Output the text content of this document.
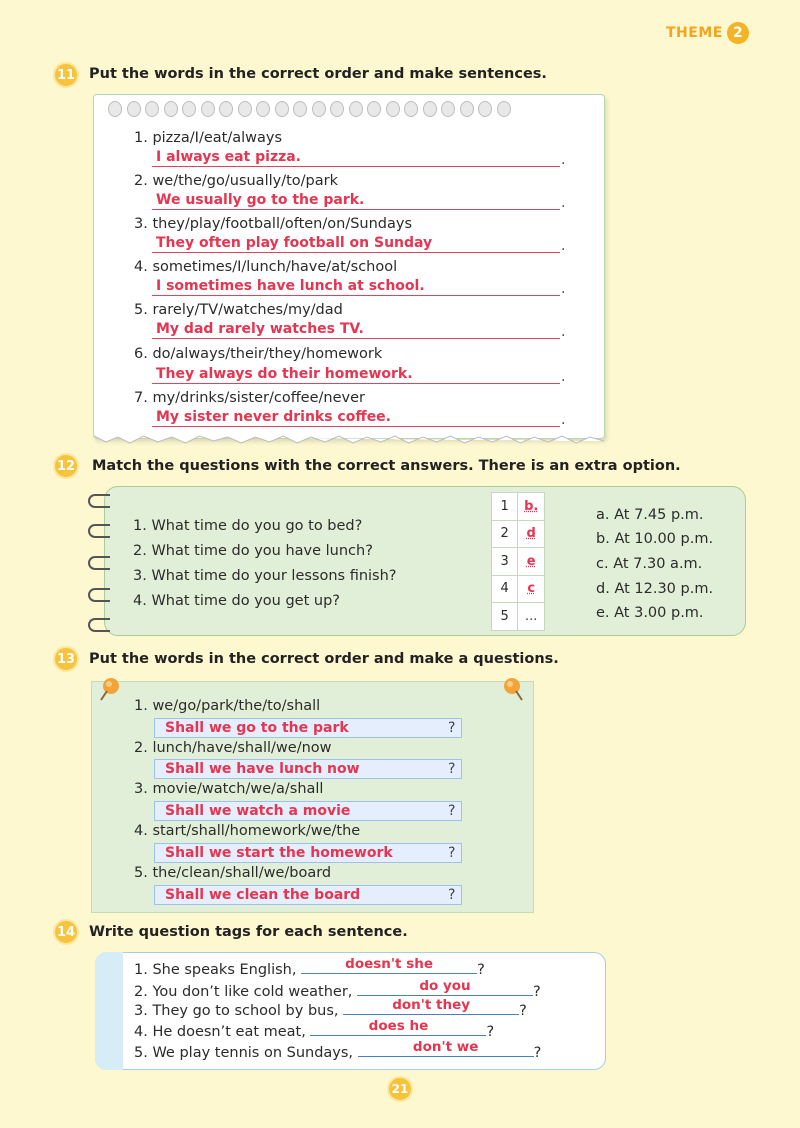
THEME 2
11 Put the words in the correct order and make sentences.
1. pizza/I/eat/always
I always eat pizza.	.
2. we/the/go/usually/to/park
We usually go to the park.	.
3. they/play/football/often/on/Sundays
They often play football on Sunday	.
4. sometimes/I/lunch/have/at/school
I sometimes have lunch at school.	.
5. rarely/TV/watches/my/dad
My dad rarely watches TV.	.
6. do/always/their/they/homework
They always do their homework.	.
7. my/drinks/sister/coffee/never
My sister never drinks coffee.	.
12 Match the questions with the correct answers. There is an extra option.
1. What time do you go to bed?
2. What time do you have lunch?
3. What time do your lessons finish?
4. What time do you get up?
1	b.
2	d
3	e
4	c
5	...
a. At 7.45 p.m.
b. At 10.00 p.m.
c. At 7.30 a.m.
d. At 12.30 p.m.
e. At 3.00 p.m.
13 Put the words in the correct order and make a questions.
1. we/go/park/the/to/shall
Shall we go to the park	?
2. lunch/have/shall/we/now
Shall we have lunch now	?
3. movie/watch/we/a/shall
Shall we watch a movie	?
4. start/shall/homework/we/the
Shall we start the homework	?
5. the/clean/shall/we/board
Shall we clean the board	?
14 Write question tags for each sentence.
1. She speaks English,	doesn't she	?
2. You don’t like cold weather,	do you	?
3. They go to school by bus,	don't they	?
4. He doesn’t eat meat,	does he	?
5. We play tennis on Sundays,	don't we	?
21
